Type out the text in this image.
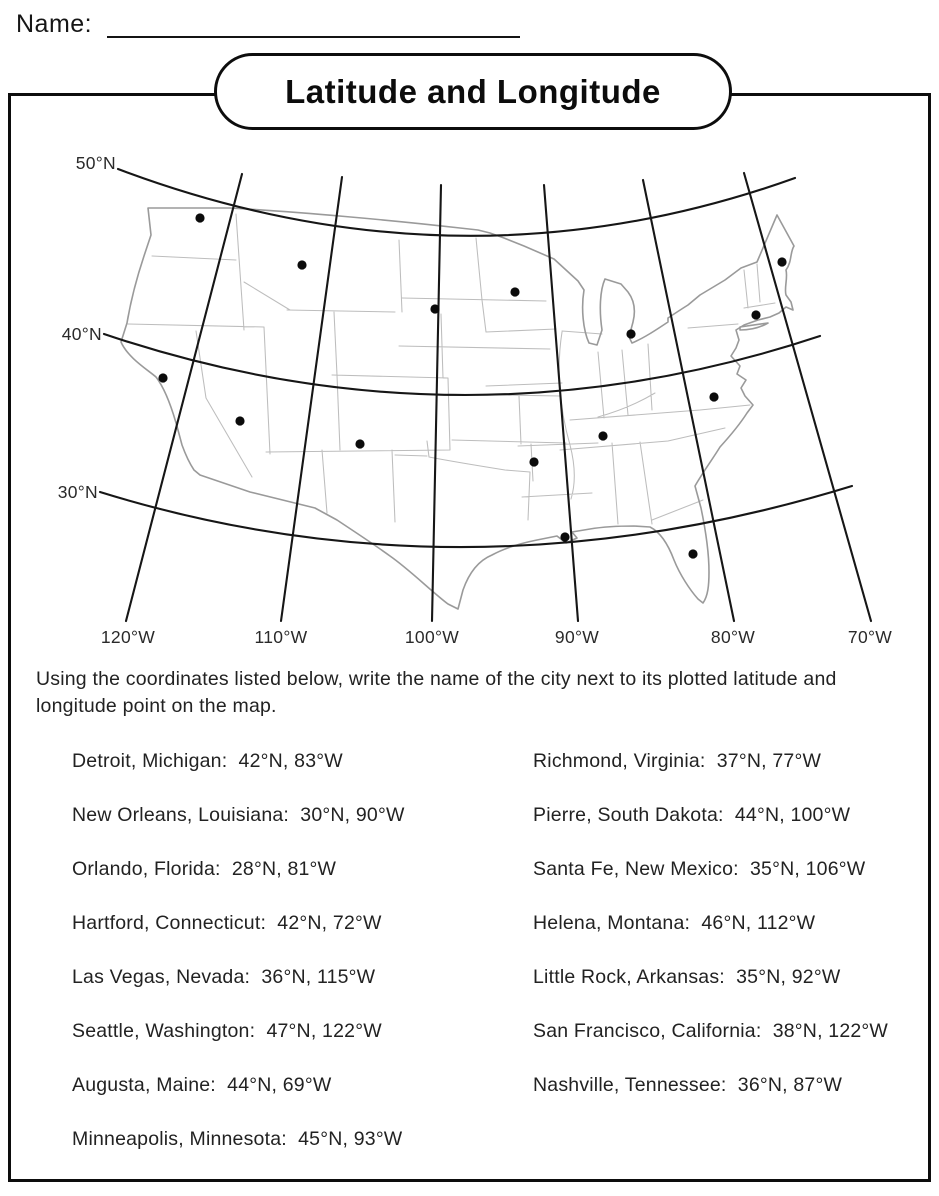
Name:
Latitude and Longitude
50°N
40°N
30°N
120°W	110°W	100°W	90°W	80°W	70°W
Using the coordinates listed below, write the name of the city next to its plotted latitude and longitude point on the map.
Detroit, Michigan:  42°N, 83°W
New Orleans, Louisiana:  30°N, 90°W
Orlando, Florida:  28°N, 81°W
Hartford, Connecticut:  42°N, 72°W
Las Vegas, Nevada:  36°N, 115°W
Seattle, Washington:  47°N, 122°W
Augusta, Maine:  44°N, 69°W
Minneapolis, Minnesota:  45°N, 93°W
Richmond, Virginia:  37°N, 77°W
Pierre, South Dakota:  44°N, 100°W
Santa Fe, New Mexico:  35°N, 106°W
Helena, Montana:  46°N, 112°W
Little Rock, Arkansas:  35°N, 92°W
San Francisco, California:  38°N, 122°W
Nashville, Tennessee:  36°N, 87°W
